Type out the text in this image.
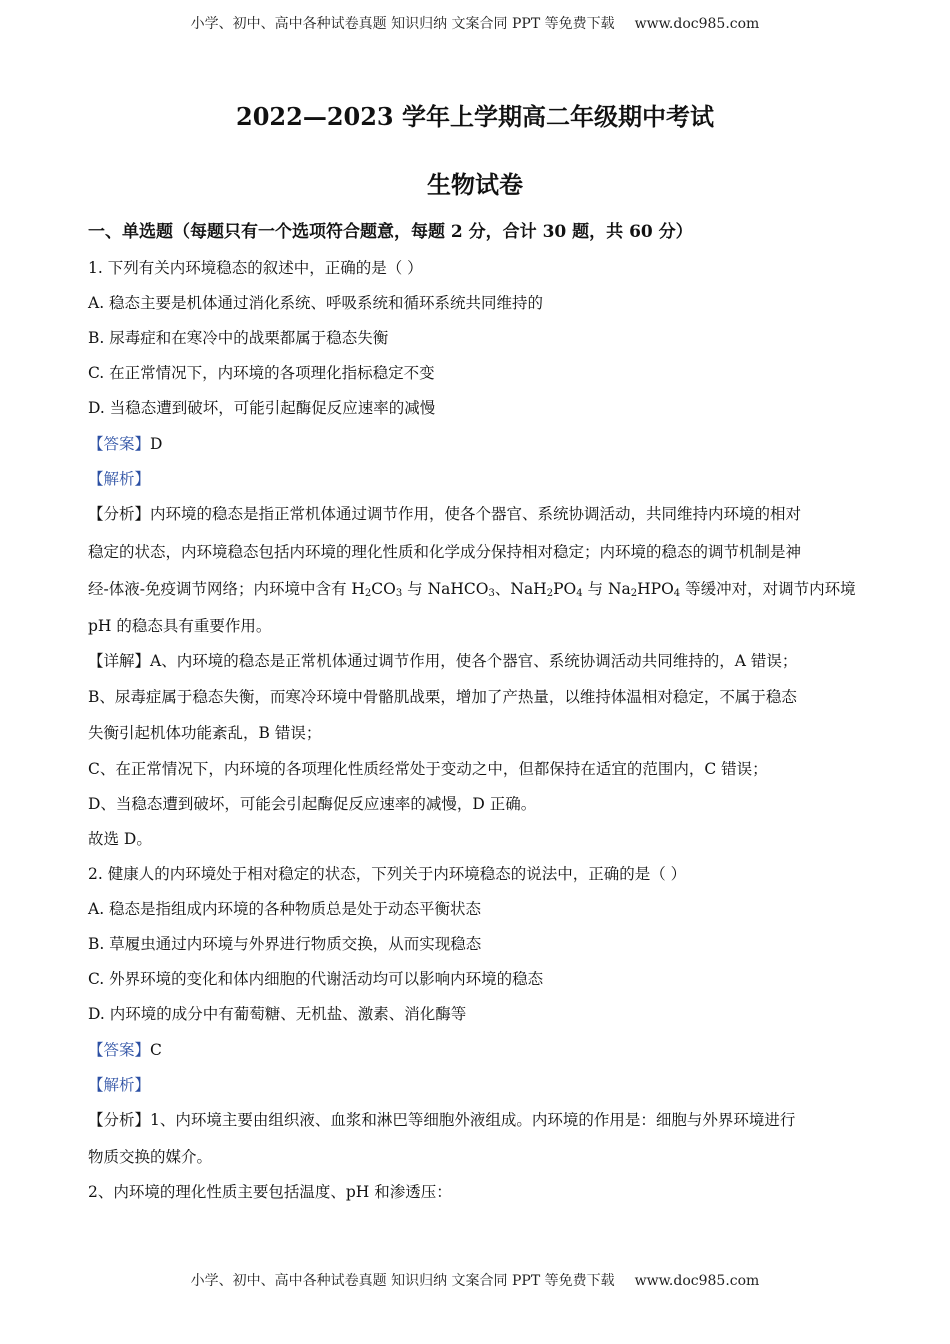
小学、初中、高中各种试卷真题 知识归纳 文案合同 PPT 等免费下载 www.doc985.com
2022—2023 学年上学期高二年级期中考试
生物试卷
一、单选题（每题只有一个选项符合题意，每题 2 分，合计 30 题，共 60 分）
1. 下列有关内环境稳态的叙述中，正确的是（ ）
A. 稳态主要是机体通过消化系统、呼吸系统和循环系统共同维持的
B. 尿毒症和在寒冷中的战栗都属于稳态失衡
C. 在正常情况下，内环境的各项理化指标稳定不变
D. 当稳态遭到破坏，可能引起酶促反应速率的减慢
【答案】D
【解析】
【分析】内环境的稳态是指正常机体通过调节作用，使各个器官、系统协调活动，共同维持内环境的相对
稳定的状态，内环境稳态包括内环境的理化性质和化学成分保持相对稳定；内环境的稳态的调节机制是神
经-体液-免疫调节网络；内环境中含有 $H_2CO_3$ 与 NaHCO$_3$、$NaH_2PO_4$ 与 $Na_2HPO_4$ 等缓冲对，对调节内环境
pH 的稳态具有重要作用。
【详解】A、内环境的稳态是正常机体通过调节作用，使各个器官、系统协调活动共同维持的，A 错误；
B、尿毒症属于稳态失衡，而寒冷环境中骨骼肌战栗，增加了产热量，以维持体温相对稳定，不属于稳态
失衡引起机体功能紊乱，B 错误；
C、在正常情况下，内环境的各项理化性质经常处于变动之中，但都保持在适宜的范围内，C 错误；
D、当稳态遭到破坏，可能会引起酶促反应速率的减慢，D 正确。
故选 D。
2. 健康人的内环境处于相对稳定的状态，下列关于内环境稳态的说法中，正确的是（ ）
A. 稳态是指组成内环境的各种物质总是处于动态平衡状态
B. 草履虫通过内环境与外界进行物质交换，从而实现稳态
C. 外界环境的变化和体内细胞的代谢活动均可以影响内环境的稳态
D. 内环境的成分中有葡萄糖、无机盐、激素、消化酶等
【答案】C
【解析】
【分析】1、内环境主要由组织液、血浆和淋巴等细胞外液组成。内环境的作用是：细胞与外界环境进行
物质交换的媒介。
2、内环境的理化性质主要包括温度、pH 和渗透压：
小学、初中、高中各种试卷真题 知识归纳 文案合同 PPT 等免费下载 www.doc985.com
